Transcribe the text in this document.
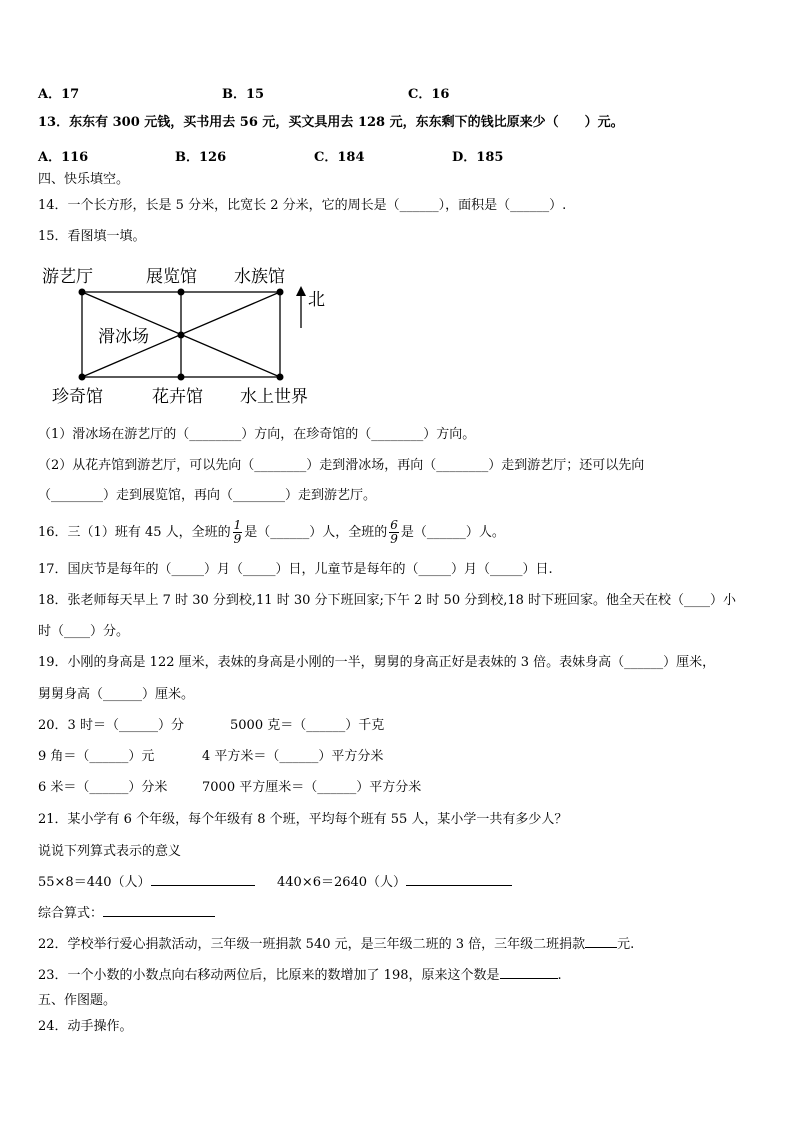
A．17	B．15	C．16
13．东东有 300 元钱，买书用去 56 元，买文具用去 128 元，东东剩下的钱比原来少（　　）元。
A．116	B．126	C．184	D．185
四、快乐填空。
14．一个长方形，长是 5 分米，比宽长 2 分米，它的周长是（______），面积是（______）.
15．看图填一填。
游艺厅	展览馆 水族馆
滑冰场
珍奇馆	花卉馆 水上世界
北
（1）滑冰场在游艺厅的（________）方向，在珍奇馆的（________）方向。
（2）从花卉馆到游艺厅，可以先向（________）走到滑冰场，再向（________）走到游艺厅；还可以先向
（________）走到展览馆，再向（________）走到游艺厅。
16．三（1）班有 45 人，全班的 $\frac{1}{9}$ 是（______）人，全班的 $\frac{6}{9}$ 是（______）人。
17．国庆节是每年的（_____）月（_____）日，儿童节是每年的（_____）月（_____）日.
18．张老师每天早上 7 时 30 分到校,11 时 30 分下班回家;下午 2 时 50 分到校,18 时下班回家。他全天在校（____）小
时（____）分。
19．小刚的身高是 122 厘米，表妹的身高是小刚的一半，舅舅的身高正好是表妹的 3 倍。表妹身高（______）厘米，
舅舅身高（______）厘米。
20．3 时＝（______）分	5000 克＝（______）千克
9 角＝（______）元	4 平方米＝（______）平方分米
6 米＝（______）分米	7000 平方厘米＝（______）平方分米
21．某小学有 6 个年级，每个年级有 8 个班，平均每个班有 55 人，某小学一共有多少人？
说说下列算式表示的意义
55×8＝440（人）	440×6＝2640（人）
综合算式：
22．学校举行爱心捐款活动，三年级一班捐款 540 元，是三年级二班的 3 倍，三年级二班捐款 元.
23．一个小数的小数点向右移动两位后，比原来的数增加了 198，原来这个数是	.
五、作图题。
24．动手操作。
